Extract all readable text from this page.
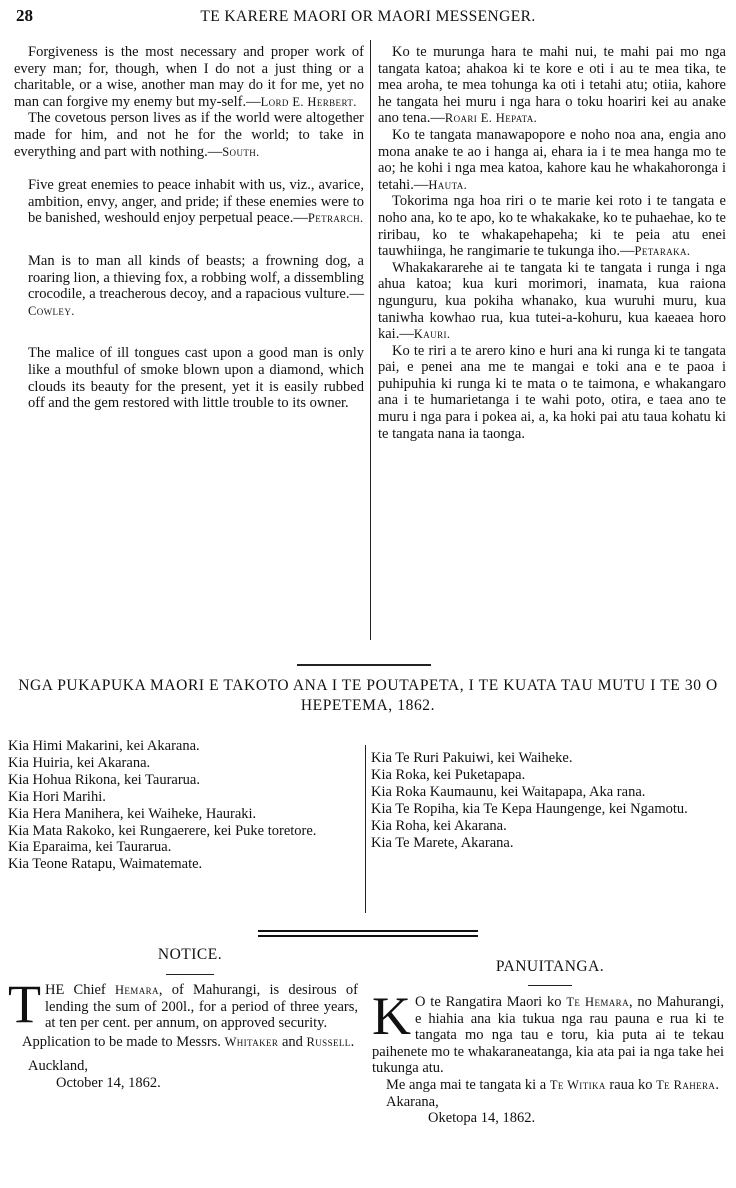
28	TE KARERE MAORI OR MAORI MESSENGER.

Forgiveness is the most necessary and proper work of every man; for, though, when I do not a just thing or a charitable, or a wise, another man may do it for me, yet no man can forgive my enemy but my-self.—Lord E. Herbert.

The covetous person lives as if the world were altogether made for him, and not he for the world; to take in everything and part with nothing.—South.

Five great enemies to peace inhabit with us, viz., avarice, ambition, envy, anger, and pride; if these enemies were to be banished, weshould enjoy perpetual peace.—Petrarch.

Man is to man all kinds of beasts; a frowning dog, a roaring lion, a thieving fox, a robbing wolf, a dissembling crocodile, a treacherous decoy, and a rapacious vulture.—Cowley.

The malice of ill tongues cast upon a good man is only like a mouthful of smoke blown upon a diamond, which clouds its beauty for the present, yet it is easily rubbed off and the gem restored with little trouble to its owner.

Ko te murunga hara te mahi nui, te mahi pai mo nga tangata katoa; ahakoa ki te kore e oti i au te mea tika, te mea aroha, te mea tohunga ka oti i tetahi atu; otiia, kahore he tangata hei muru i nga hara o toku hoariri kei au anake ano tena.—Roari E. Hepata.

Ko te tangata manawapopore e noho noa ana, engia ano mona anake te ao i hanga ai, ehara ia i te mea hanga mo te ao; he kohi i nga mea katoa, kahore kau he whakahoronga i tetahi.—Hauta.

Tokorima nga hoa riri o te marie kei roto i te tangata e noho ana, ko te apo, ko te whakakake, ko te puhaehae, ko te riribau, ko te whakapehapeha; ki te peia atu enei tauwhiinga, he rangimarie te tukunga iho.—Petaraka.

Whakakararehe ai te tangata ki te tangata i runga i nga ahua katoa; kua kuri morimori, inamata, kua raiona ngunguru, kua pokiha whanako, kua wuruhi muru, kua taniwha kowhao rua, kua tutei-a-kohuru, kua kaeaea horo kai.—Kauri.

Ko te riri a te arero kino e huri ana ki runga ki te tangata pai, e penei ana me te mangai e toki ana e te paoa i puhipuhia ki runga ki te mata o te taimona, e whakangaro ana i te humarietanga i te wahi poto, otira, e taea ano te muru i nga para i pokea ai, a, ka hoki pai atu taua kohatu ki te tangata nana ia taonga.

NGA PUKAPUKA MAORI E TAKOTO ANA I TE POUTAPETA, I TE KUATA TAU MUTU I TE 30 O HEPETEMA, 1862.
Kia Himi Makarini, kei Akarana.
Kia Huiria, kei Akarana.
Kia Hohua Rikona, kei Taurarua.
Kia Hori Marihi.
Kia Hera Manihera, kei Waiheke, Hauraki.
Kia Mata Rakoko, kei Rungaerere, kei Puke toretore.
Kia Eparaima, kei Taurarua.
Kia Teone Ratapu, Waimatemate.
Kia Te Ruri Pakuiwi, kei Waiheke.
Kia Roka, kei Puketapapa.
Kia Roka Kaumaunu, kei Waitapapa, Aka rana.
Kia Te Ropiha, kia Te Kepa Haungenge, kei Ngamotu.
Kia Roha, kei Akarana.
Kia Te Marete, Akarana.
NOTICE.
THE Chief Hemara, of Mahurangi, is desirous of lending the sum of 200l., for a period of three years, at ten per cent. per annum, on approved security.

Application to be made to Messrs. Whitaker and Russell.

Auckland,
October 14, 1862.
PANUITANGA.
K O te Rangatira Maori ko Te Hemara, no Mahurangi, e hiahia ana kia tukua nga rau pauna e rua ki te tangata mo nga tau e toru, kia puta ai te tekau paihenete mo te whakaraneatanga, kia ata pai ia nga take hei tukunga atu.

Me anga mai te tangata ki a Te Witika raua ko Te Rahera.

Akarana,
Oketopa 14, 1862.
